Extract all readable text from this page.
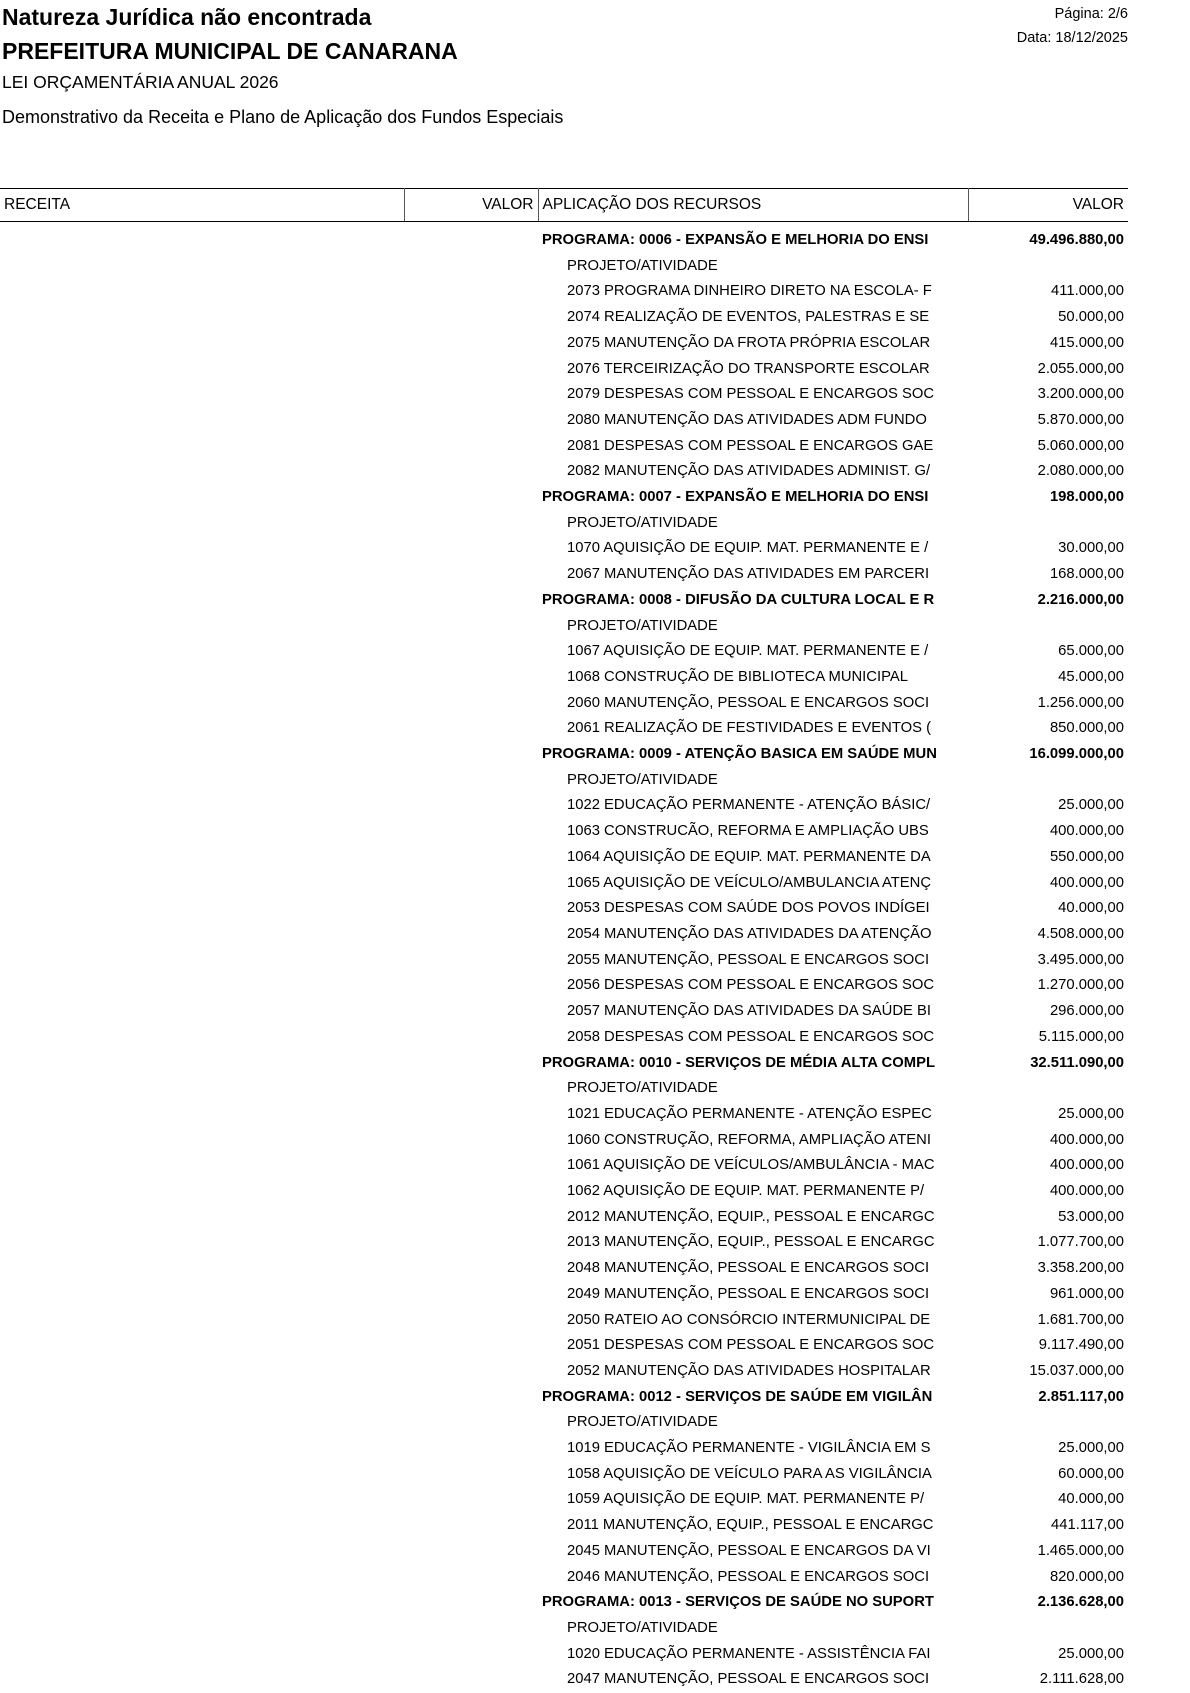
Natureza Jurídica não encontrada
PREFEITURA MUNICIPAL DE CANARANA
LEI ORÇAMENTÁRIA ANUAL 2026
Demonstrativo da Receita e Plano de Aplicação dos Fundos Especiais
Página: 2/6
Data: 18/12/2025
RECEITA	VALOR	APLICAÇÃO DOS RECURSOS	VALOR
		PROGRAMA: 0006 - EXPANSÃO E MELHORIA DO ENSI	49.496.880,00
		PROJETO/ATIVIDADE	
		2073 PROGRAMA DINHEIRO DIRETO NA ESCOLA- F	411.000,00
		2074 REALIZAÇÃO DE EVENTOS, PALESTRAS E SE	50.000,00
		2075 MANUTENÇÃO DA FROTA PRÓPRIA ESCOLAR	415.000,00
		2076 TERCEIRIZAÇÃO DO TRANSPORTE ESCOLAR	2.055.000,00
		2079 DESPESAS COM PESSOAL E ENCARGOS SOC	3.200.000,00
		2080 MANUTENÇÃO DAS ATIVIDADES ADM FUNDO	5.870.000,00
		2081 DESPESAS COM PESSOAL E ENCARGOS GAE	5.060.000,00
		2082 MANUTENÇÃO DAS ATIVIDADES ADMINIST. G/	2.080.000,00
		PROGRAMA: 0007 - EXPANSÃO E MELHORIA DO ENSI	198.000,00
		PROJETO/ATIVIDADE	
		1070 AQUISIÇÃO DE EQUIP. MAT. PERMANENTE E /	30.000,00
		2067 MANUTENÇÃO DAS ATIVIDADES EM PARCERI	168.000,00
		PROGRAMA: 0008 - DIFUSÃO DA CULTURA LOCAL E R	2.216.000,00
		PROJETO/ATIVIDADE	
		1067 AQUISIÇÃO DE EQUIP. MAT. PERMANENTE E /	65.000,00
		1068 CONSTRUÇÃO DE BIBLIOTECA MUNICIPAL	45.000,00
		2060 MANUTENÇÃO, PESSOAL E ENCARGOS SOCI	1.256.000,00
		2061 REALIZAÇÃO DE FESTIVIDADES E EVENTOS (	850.000,00
		PROGRAMA: 0009 - ATENÇÃO BASICA EM SAÚDE MUN	16.099.000,00
		PROJETO/ATIVIDADE	
		1022 EDUCAÇÃO PERMANENTE - ATENÇÃO BÁSIC/	25.000,00
		1063 CONSTRUCÃO, REFORMA E AMPLIAÇÃO UBS	400.000,00
		1064 AQUISIÇÃO DE EQUIP. MAT. PERMANENTE DA	550.000,00
		1065 AQUISIÇÃO DE VEÍCULO/AMBULANCIA ATENÇ	400.000,00
		2053 DESPESAS COM SAÚDE DOS POVOS INDÍGEI	40.000,00
		2054 MANUTENÇÃO DAS ATIVIDADES DA ATENÇÃO	4.508.000,00
		2055 MANUTENÇÃO, PESSOAL E ENCARGOS SOCI	3.495.000,00
		2056 DESPESAS COM PESSOAL E ENCARGOS SOC	1.270.000,00
		2057 MANUTENÇÃO DAS ATIVIDADES DA SAÚDE BI	296.000,00
		2058 DESPESAS COM PESSOAL E ENCARGOS SOC	5.115.000,00
		PROGRAMA: 0010 - SERVIÇOS DE MÉDIA ALTA COMPL	32.511.090,00
		PROJETO/ATIVIDADE	
		1021 EDUCAÇÃO PERMANENTE - ATENÇÃO ESPEC	25.000,00
		1060 CONSTRUÇÃO, REFORMA, AMPLIAÇÃO ATENI	400.000,00
		1061 AQUISIÇÃO DE VEÍCULOS/AMBULÂNCIA - MAC	400.000,00
		1062 AQUISIÇÃO DE EQUIP. MAT. PERMANENTE P/	400.000,00
		2012 MANUTENÇÃO, EQUIP., PESSOAL E ENCARGC	53.000,00
		2013 MANUTENÇÃO, EQUIP., PESSOAL E ENCARGC	1.077.700,00
		2048 MANUTENÇÃO, PESSOAL E ENCARGOS SOCI	3.358.200,00
		2049 MANUTENÇÃO, PESSOAL E ENCARGOS SOCI	961.000,00
		2050 RATEIO AO CONSÓRCIO INTERMUNICIPAL DE	1.681.700,00
		2051 DESPESAS COM PESSOAL E ENCARGOS SOC	9.117.490,00
		2052 MANUTENÇÃO DAS ATIVIDADES HOSPITALAR	15.037.000,00
		PROGRAMA: 0012 - SERVIÇOS DE SAÚDE EM VIGILÂN	2.851.117,00
		PROJETO/ATIVIDADE	
		1019 EDUCAÇÃO PERMANENTE - VIGILÂNCIA EM S	25.000,00
		1058 AQUISIÇÃO DE VEÍCULO PARA AS VIGILÂNCIA	60.000,00
		1059 AQUISIÇÃO DE EQUIP. MAT. PERMANENTE P/	40.000,00
		2011 MANUTENÇÃO, EQUIP., PESSOAL E ENCARGC	441.117,00
		2045 MANUTENÇÃO, PESSOAL E ENCARGOS DA VI	1.465.000,00
		2046 MANUTENÇÃO, PESSOAL E ENCARGOS SOCI	820.000,00
		PROGRAMA: 0013 - SERVIÇOS DE SAÚDE NO SUPORT	2.136.628,00
		PROJETO/ATIVIDADE	
		1020 EDUCAÇÃO PERMANENTE - ASSISTÊNCIA FAI	25.000,00
		2047 MANUTENÇÃO, PESSOAL E ENCARGOS SOCI	2.111.628,00
